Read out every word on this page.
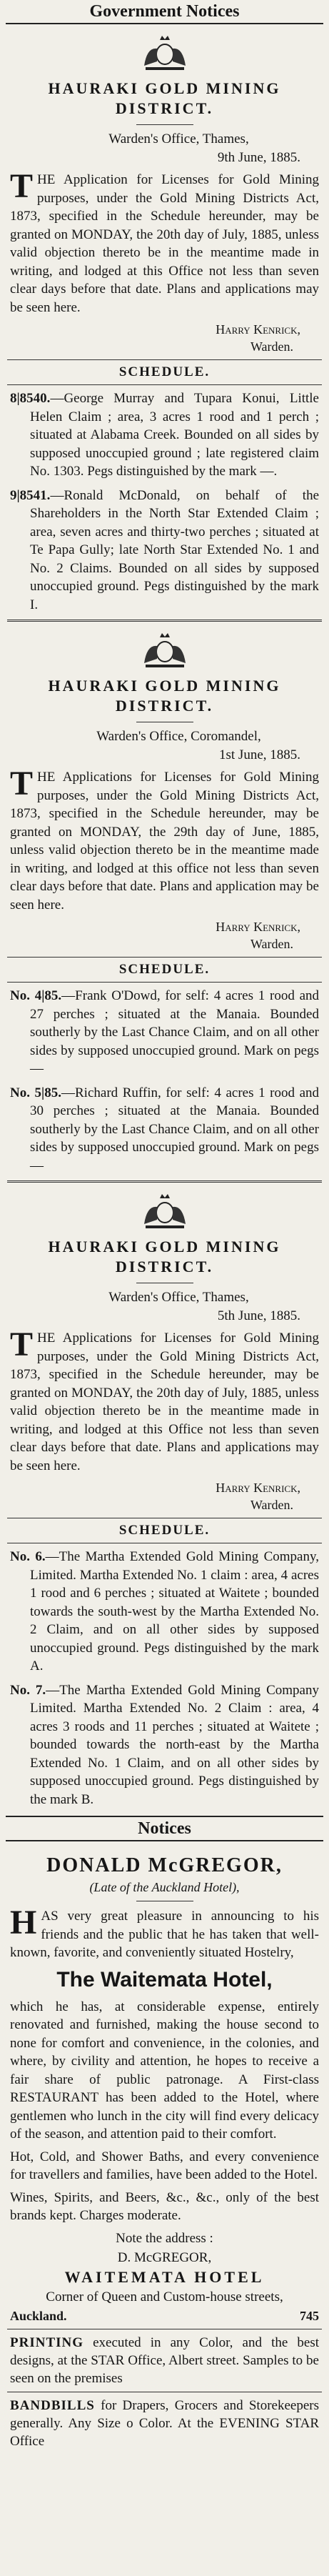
Government Notices
HAURAKI GOLD MINING DISTRICT.
Warden's Office, Thames,
9th June, 1885.
THE Application for Licenses for Gold Mining purposes, under the Gold Mining Districts Act, 1873, specified in the Schedule hereunder, may be granted on MONDAY, the 20th day of July, 1885, unless valid objection thereto be in the meantime made in writing, and lodged at this Office not less than seven clear days before that date. Plans and applications may be seen here.
Harry Kenrick,
Warden.
SCHEDULE.
8|8540.—George Murray and Tupara Konui, Little Helen Claim ; area, 3 acres 1 rood and 1 perch ; situated at Alabama Creek. Bounded on all sides by supposed unoccupied ground ; late registered claim No. 1303. Pegs distinguished by the mark —.
9|8541.—Ronald McDonald, on behalf of the Shareholders in the North Star Extended Claim ; area, seven acres and thirty-two perches ; situated at Te Papa Gully; late North Star Extended No. 1 and No. 2 Claims. Bounded on all sides by supposed unoccupied ground. Pegs distinguished by the mark I.
HAURAKI GOLD MINING DISTRICT.
Warden's Office, Coromandel,
1st June, 1885.
THE Applications for Licenses for Gold Mining purposes, under the Gold Mining Districts Act, 1873, specified in the Schedule hereunder, may be granted on MONDAY, the 29th day of June, 1885, unless valid objection thereto be in the meantime made in writing, and lodged at this office not less than seven clear days before that date. Plans and application may be seen here.
Harry Kenrick,
Warden.
SCHEDULE.
No. 4|85.—Frank O'Dowd, for self: 4 acres 1 rood and 27 perches ; situated at the Manaia. Bounded southerly by the Last Chance Claim, and on all other sides by supposed unoccupied ground. Mark on pegs —
No. 5|85.—Richard Ruffin, for self: 4 acres 1 rood and 30 perches ; situated at the Manaia. Bounded southerly by the Last Chance Claim, and on all other sides by supposed unoccupied ground. Mark on pegs —
HAURAKI GOLD MINING DISTRICT.
Warden's Office, Thames,
5th June, 1885.
THE Applications for Licenses for Gold Mining purposes, under the Gold Mining Districts Act, 1873, specified in the Schedule hereunder, may be granted on MONDAY, the 20th day of July, 1885, unless valid objection thereto be in the meantime made in writing, and lodged at this Office not less than seven clear days before that date. Plans and applications may be seen here.
Harry Kenrick,
Warden.
SCHEDULE.
No. 6.—The Martha Extended Gold Mining Company, Limited. Martha Extended No. 1 claim : area, 4 acres 1 rood and 6 perches ; situated at Waitete ; bounded towards the south-west by the Martha Extended No. 2 Claim, and on all other sides by supposed unoccupied ground. Pegs distinguished by the mark A.
No. 7.—The Martha Extended Gold Mining Company Limited. Martha Extended No. 2 Claim : area, 4 acres 3 roods and 11 perches ; situated at Waitete ; bounded towards the north-east by the Martha Extended No. 1 Claim, and on all other sides by supposed unoccupied ground. Pegs distinguished by the mark B.
Notices
DONALD McGREGOR,
(Late of the Auckland Hotel),
HAS very great pleasure in announcing to his friends and the public that he has taken that well-known, favorite, and conveniently situated Hostelry,
The Waitemata Hotel,
which he has, at considerable expense, entirely renovated and furnished, making the house second to none for comfort and convenience, in the colonies, and where, by civility and attention, he hopes to receive a fair share of public patronage. A First-class RESTAURANT has been added to the Hotel, where gentlemen who lunch in the city will find every delicacy of the season, and attention paid to their comfort.
Hot, Cold, and Shower Baths, and every convenience for travellers and families, have been added to the Hotel.
Wines, Spirits, and Beers, &c., &c., only of the best brands kept. Charges moderate.
Note the address :
D. McGREGOR,
WAITEMATA HOTEL
Corner of Queen and Custom-house streets,
Auckland.	745
PRINTING executed in any Color, and the best designs, at the STAR Office, Albert street. Samples to be seen on the premises
BANDBILLS for Drapers, Grocers and Storekeepers generally. Any Size o Color. At the EVENING STAR Office
